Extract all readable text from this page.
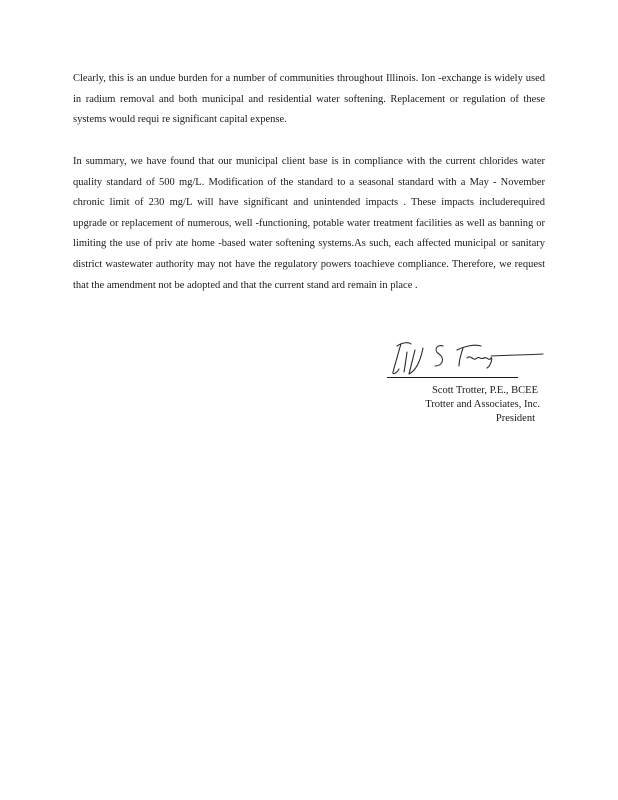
Clearly, this is an undue burden for a number of communities throughout Illinois. Ion -exchange is widely used in radium removal and both municipal and residential water softening. Replacement or regulation of these systems would requi re significant capital expense.

In summary, we have found that our municipal client base is in compliance with the current chlorides water quality standard of 500 mg/L. Modification of the standard to a seasonal standard with a May - November chronic limit of 230 mg/L will have significant and unintended impacts . These impacts includerequired upgrade or replacement of numerous, well -functioning, potable water treatment facilities as well as banning or limiting the use of priv ate home -based water softening systems.As such, each affected municipal or sanitary district wastewater authority may not have the regulatory powers toachieve compliance. Therefore, we request that the amendment not be adopted and that the current stand ard remain in place .

Scott Trotter, P.E., BCEE
Trotter and Associates, Inc.
President
